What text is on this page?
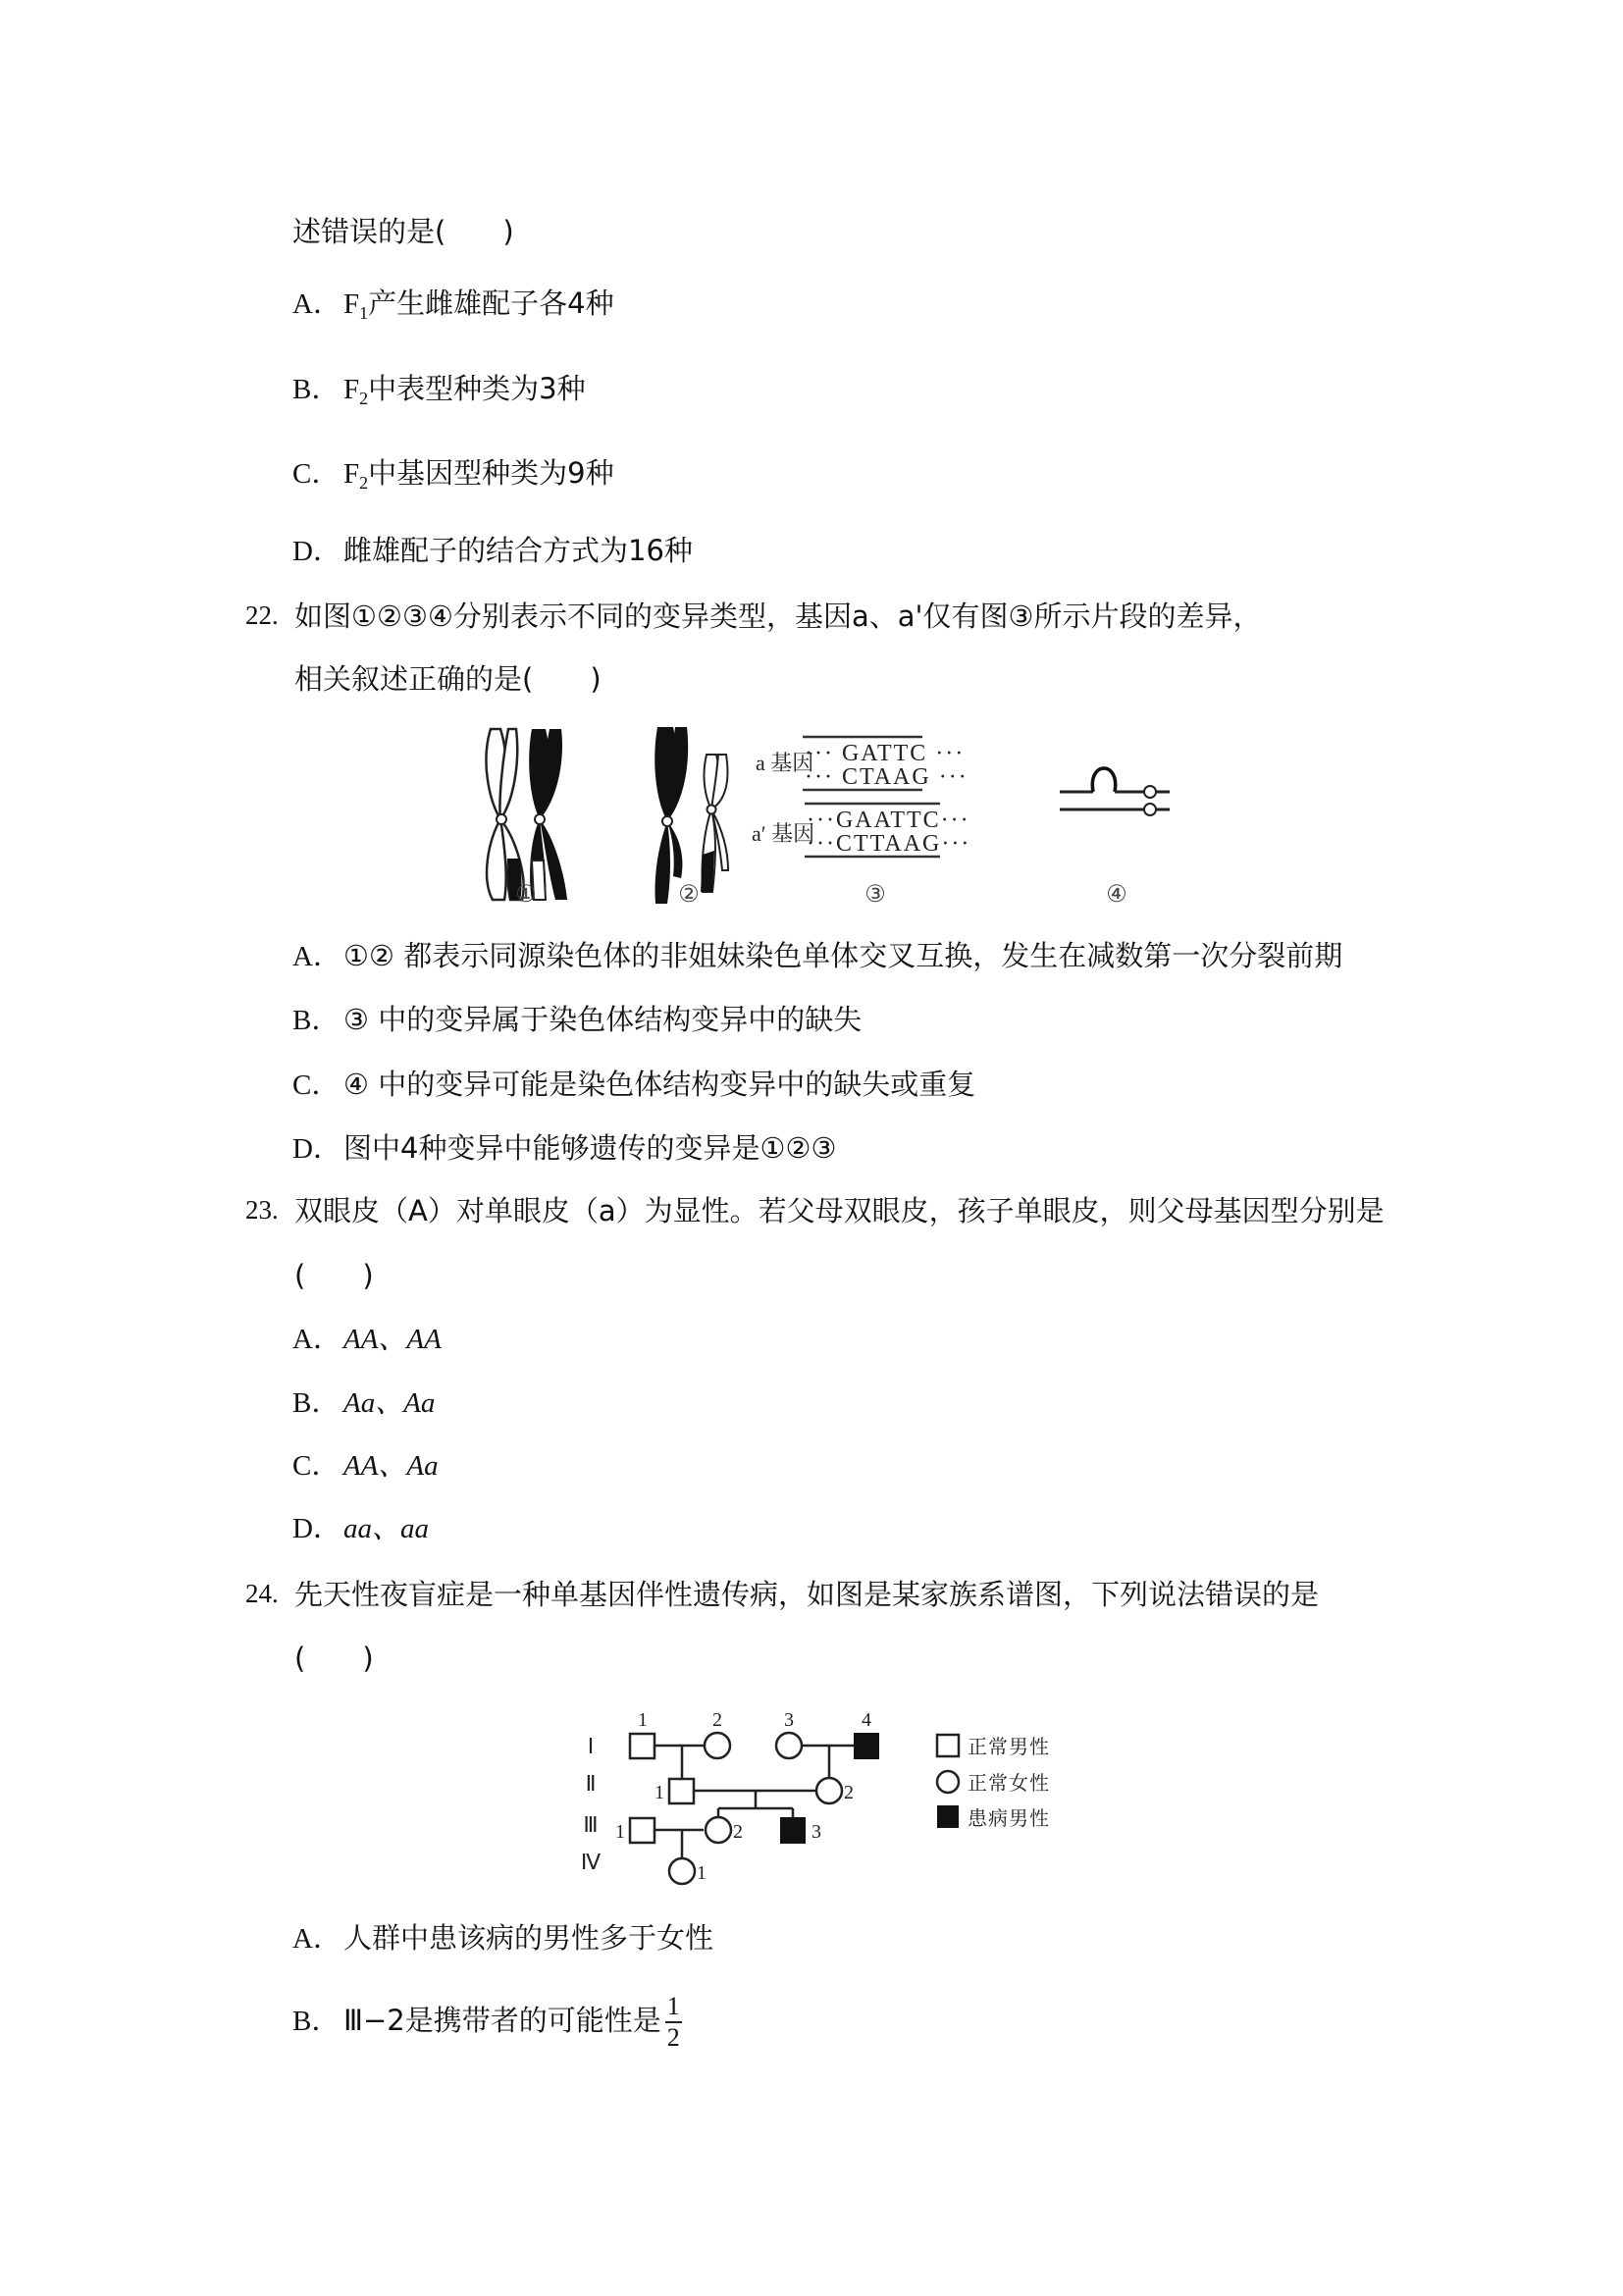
述错误的是(　　)
A．$F_1$产生雌雄配子各4种
B． $F_2$中表型种类为3种
C． $F_2$中基因型种类为9种
D．雌雄配子的结合方式为16种
22. 如图①②③④分别表示不同的变异类型，基因a、a'仅有图③所示片段的差异，
相关叙述正确的是(　　)
a 基因
··· GATTC ···
··· CTAAG ···
a′ 基因
···GAATTC···
···CTTAAG···
①	②	③	④
A．①② 都表示同源染色体的非姐妹染色单体交叉互换，发生在减数第一次分裂前期
B． ③ 中的变异属于染色体结构变异中的缺失
C． ④ 中的变异可能是染色体结构变异中的缺失或重复
D．图中4种变异中能够遗传的变异是①②③
23. 双眼皮（A）对单眼皮（a）为显性。若父母双眼皮，孩子单眼皮，则父母基因型分别是
(　　)
A．AA、AA
B． Aa、Aa
C． AA、Aa
D．aa、aa
24. 先天性夜盲症是一种单基因伴性遗传病，如图是某家族系谱图，下列说法错误的是
(　　)
Ⅰ
Ⅱ
Ⅲ
Ⅳ
1	2	3	4
1	2
1	2	3
1
正常男性
正常女性
患病男性
A．人群中患该病的男性多于女性
B． Ⅲ−2是携带者的可能性是 $\frac{1}{2}$
